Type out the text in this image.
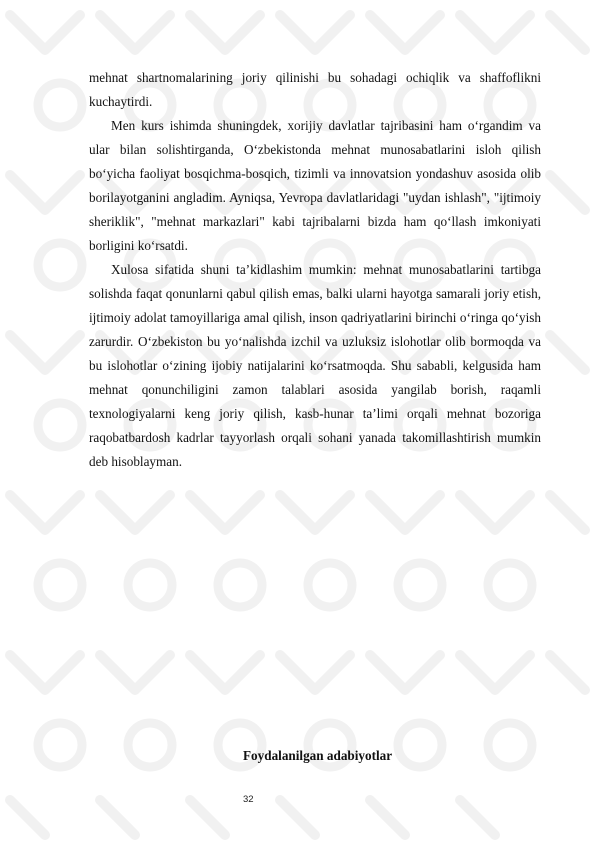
mehnat shartnomalarining joriy qilinishi bu sohadagi ochiqlik va shaffoflikni kuchaytirdi.

Men kurs ishimda shuningdek, xorijiy davlatlar tajribasini ham o‘rgandim va ular bilan solishtirganda, O‘zbekistonda mehnat munosabatlarini isloh qilish bo‘yicha faoliyat bosqichma-bosqich, tizimli va innovatsion yondashuv asosida olib borilayotganini angladim. Ayniqsa, Yevropa davlatlaridagi "uydan ishlash", "ijtimoiy sheriklik", "mehnat markazlari" kabi tajribalarni bizda ham qo‘llash imkoniyati borligini ko‘rsatdi.

Xulosa sifatida shuni ta’kidlashim mumkin: mehnat munosabatlarini tartibga solishda faqat qonunlarni qabul qilish emas, balki ularni hayotga samarali joriy etish, ijtimoiy adolat tamoyillariga amal qilish, inson qadriyatlarini birinchi o‘ringa qo‘yish zarurdir. O‘zbekiston bu yo‘nalishda izchil va uzluksiz islohotlar olib bormoqda va bu islohotlar o‘zining ijobiy natijalarini ko‘rsatmoqda. Shu sababli, kelgusida ham mehnat qonunchiligini zamon talablari asosida yangilab borish, raqamli texnologiyalarni keng joriy qilish, kasb-hunar ta’limi orqali mehnat bozoriga raqobatbardosh kadrlar tayyorlash orqali sohani yanada takomillashtirish mumkin deb hisoblayman.

Foydalanilgan adabiyotlar
32
